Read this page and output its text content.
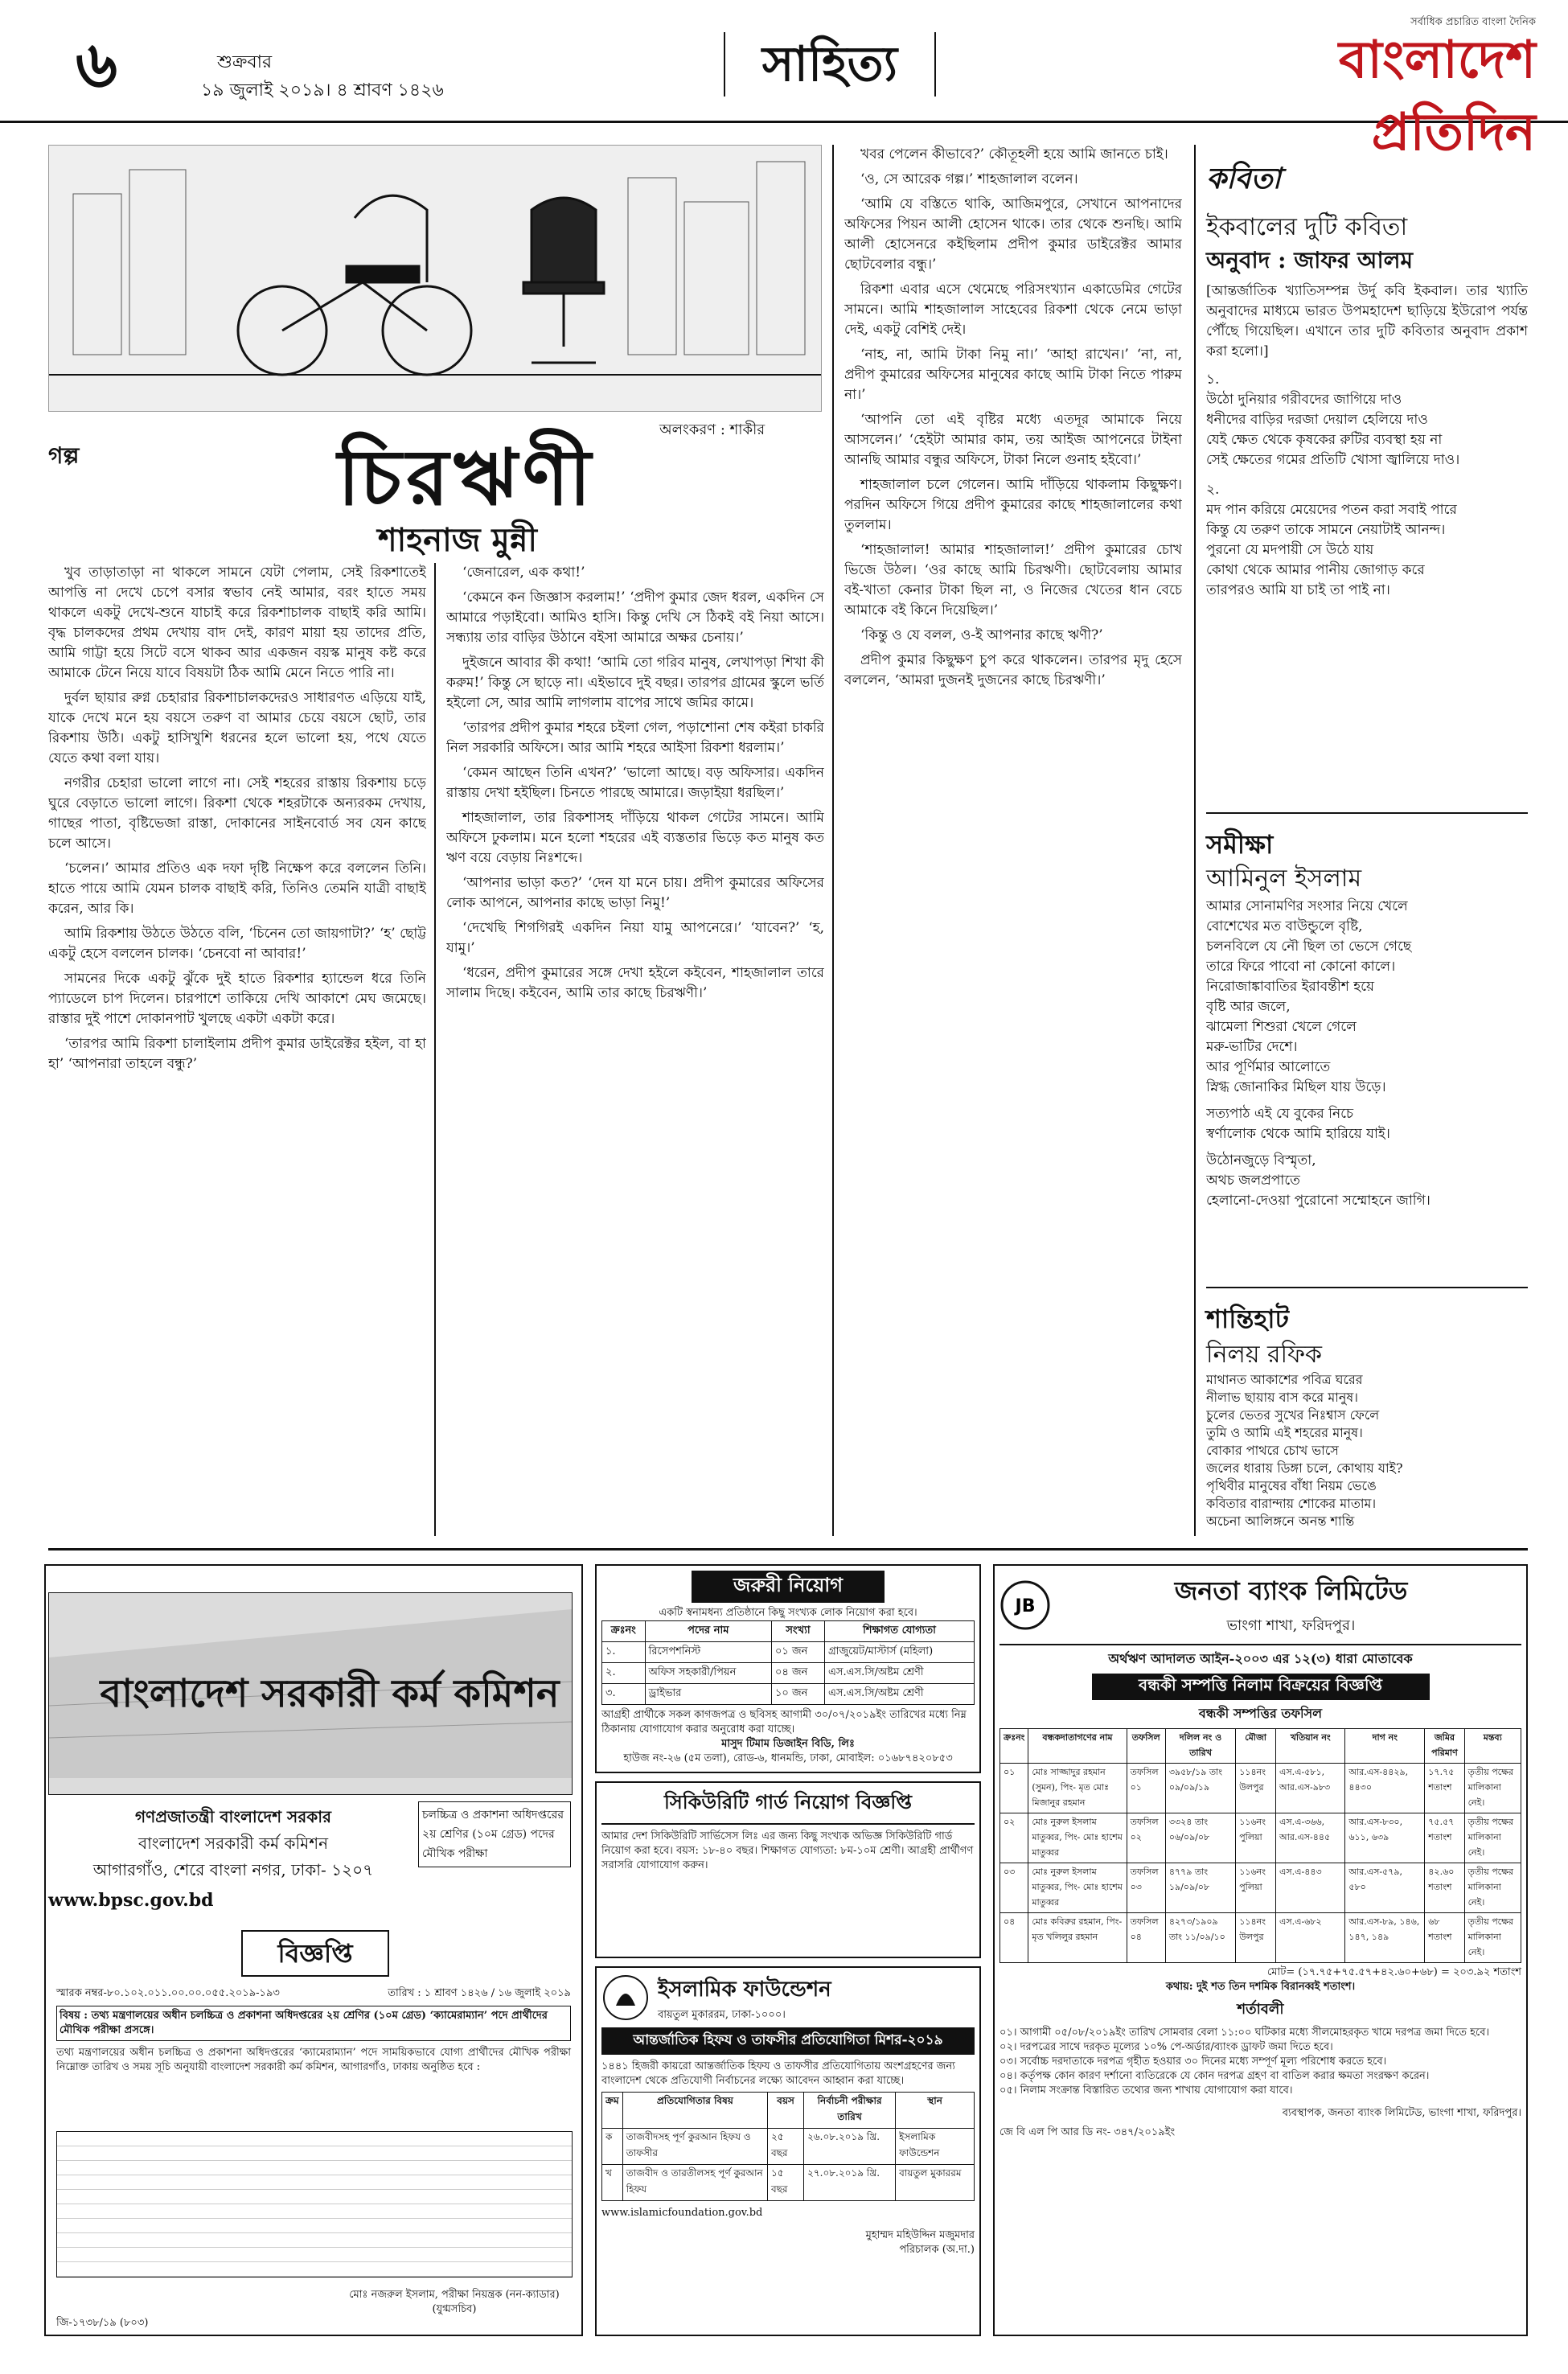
৬	শুক্রবার
১৯ জুলাই ২০১৯। ৪ শ্রাবণ ১৪২৬	সাহিত্য
সর্বাধিক প্রচারিত বাংলা দৈনিক
বাংলাদেশ প্রতিদিন
অলংকরণ : শাকীর
গল্প	চিরঋণী
শাহনাজ মুন্নী

খুব তাড়াতাড়া না থাকলে সামনে যেটা পেলাম, সেই রিকশাতেই আপত্তি না দেখে চেপে বসার স্বভাব নেই আমার, বরং হাতে সময় থাকলে একটু দেখে-শুনে যাচাই করে রিকশাচালক বাছাই করি আমি। বৃদ্ধ চালকদের প্রথম দেখায় বাদ দেই, কারণ মায়া হয় তাদের প্রতি, আমি গাট্টা হয়ে সিটে বসে থাকব আর একজন বয়স্ক মানুষ কষ্ট করে আমাকে টেনে নিয়ে যাবে বিষয়টা ঠিক আমি মেনে নিতে পারি না।

দুর্বল ছায়ার রুগ্ন চেহারার রিকশাচালকদেরও সাধারণত এড়িয়ে যাই, যাকে দেখে মনে হয় বয়সে তরুণ বা আমার চেয়ে বয়সে ছোট, তার রিকশায় উঠি। একটু হাসিখুশি ধরনের হলে ভালো হয়, পথে যেতে যেতে কথা বলা যায়।

নগরীর চেহারা ভালো লাগে না। সেই শহরের রাস্তায় রিকশায় চড়ে ঘুরে বেড়াতে ভালো লাগে। রিকশা থেকে শহরটাকে অন্যরকম দেখায়, গাছের পাতা, বৃষ্টিভেজা রাস্তা, দোকানের সাইনবোর্ড সব যেন কাছে চলে আসে।

‘চলেন।’ আমার প্রতিও এক দফা দৃষ্টি নিক্ষেপ করে বললেন তিনি। হাতে পায়ে আমি যেমন চালক বাছাই করি, তিনিও তেমনি যাত্রী বাছাই করেন, আর কি।

আমি রিকশায় উঠতে উঠতে বলি, ‘চিনেন তো জায়গাটা?’ ‘হ’ ছোট্ট একটু হেসে বললেন চালক। ‘চেনবো না আবার!’

সামনের দিকে একটু ঝুঁকে দুই হাতে রিকশার হ্যান্ডেল ধরে তিনি প্যাডেলে চাপ দিলেন। চারপাশে তাকিয়ে দেখি আকাশে মেঘ জমেছে। রাস্তার দুই পাশে দোকানপাট খুলছে একটা একটা করে।

‘তারপর আমি রিকশা চালাইলাম প্রদীপ কুমার ডাইরেক্টর হইল, বা হা হা’ ‘আপনারা তাহলে বন্ধু?’

‘জেনারেল, এক কথা!’

‘কেমনে কন জিজ্ঞাস করলাম!’ ‘প্রদীপ কুমার জেদ ধরল, একদিন সে আমারে পড়াইবো। আমিও হাসি। কিন্তু দেখি সে ঠিকই বই নিয়া আসে। সন্ধ্যায় তার বাড়ির উঠানে বইসা আমারে অক্ষর চেনায়।’

দুইজনে আবার কী কথা! ‘আমি তো গরিব মানুষ, লেখাপড়া শিখা কী করুম!’ কিন্তু সে ছাড়ে না। এইভাবে দুই বছর। তারপর গ্রামের স্কুলে ভর্তি হইলো সে, আর আমি লাগলাম বাপের সাথে জমির কামে।

‘তারপর প্রদীপ কুমার শহরে চইলা গেল, পড়াশোনা শেষ কইরা চাকরি নিল সরকারি অফিসে। আর আমি শহরে আইসা রিকশা ধরলাম।’

‘কেমন আছেন তিনি এখন?’ ‘ভালো আছে। বড় অফিসার। একদিন রাস্তায় দেখা হইছিল। চিনতে পারছে আমারে। জড়াইয়া ধরছিল।’

শাহজালাল, তার রিকশাসহ দাঁড়িয়ে থাকল গেটের সামনে। আমি অফিসে ঢুকলাম। মনে হলো শহরের এই ব্যস্ততার ভিড়ে কত মানুষ কত ঋণ বয়ে বেড়ায় নিঃশব্দে।

‘আপনার ভাড়া কত?’ ‘দেন যা মনে চায়। প্রদীপ কুমারের অফিসের লোক আপনে, আপনার কাছে ভাড়া নিমু!’

‘দেখেছি শিগগিরই একদিন নিয়া যামু আপনেরে।’ ‘যাবেন?’ ‘হ, যামু।’

‘ধরেন, প্রদীপ কুমারের সঙ্গে দেখা হইলে কইবেন, শাহজালাল তারে সালাম দিছে। কইবেন, আমি তার কাছে চিরঋণী।’

খবর পেলেন কীভাবে?’ কৌতূহলী হয়ে আমি জানতে চাই।

‘ও, সে আরেক গল্প।’ শাহজালাল বলেন।

‘আমি যে বস্তিতে থাকি, আজিমপুরে, সেখানে আপনাদের অফিসের পিয়ন আলী হোসেন থাকে। তার থেকে শুনছি। আমি আলী হোসেনরে কইছিলাম প্রদীপ কুমার ডাইরেক্টর আমার ছোটবেলার বন্ধু।’

রিকশা এবার এসে থেমেছে পরিসংখ্যান একাডেমির গেটের সামনে। আমি শাহজালাল সাহেবের রিকশা থেকে নেমে ভাড়া দেই, একটু বেশিই দেই।

‘নাহ, না, আমি টাকা নিমু না।’ ‘আহা রাখেন।’ ‘না, না, প্রদীপ কুমারের অফিসের মানুষের কাছে আমি টাকা নিতে পারুম না।’

‘আপনি তো এই বৃষ্টির মধ্যে এতদূর আমাকে নিয়ে আসলেন।’ ‘হেইটা আমার কাম, তয় আইজ আপনেরে টাইনা আনছি আমার বন্ধুর অফিসে, টাকা নিলে গুনাহ হইবো।’

শাহজালাল চলে গেলেন। আমি দাঁড়িয়ে থাকলাম কিছুক্ষণ। পরদিন অফিসে গিয়ে প্রদীপ কুমারের কাছে শাহজালালের কথা তুললাম।

‘শাহজালাল! আমার শাহজালাল!’ প্রদীপ কুমারের চোখ ভিজে উঠল। ‘ওর কাছে আমি চিরঋণী। ছোটবেলায় আমার বই-খাতা কেনার টাকা ছিল না, ও নিজের খেতের ধান বেচে আমাকে বই কিনে দিয়েছিল।’

‘কিন্তু ও যে বলল, ও-ই আপনার কাছে ঋণী?’

প্রদীপ কুমার কিছুক্ষণ চুপ করে থাকলেন। তারপর মৃদু হেসে বললেন, ‘আমরা দুজনই দুজনের কাছে চিরঋণী।’

কবিতা
ইকবালের দুটি কবিতা
অনুবাদ : জাফর আলম
[আন্তর্জাতিক খ্যাতিসম্পন্ন উর্দু কবি ইকবাল। তার খ্যাতি অনুবাদের মাধ্যমে ভারত উপমহাদেশ ছাড়িয়ে ইউরোপ পর্যন্ত পৌঁছে গিয়েছিল। এখানে তার দুটি কবিতার অনুবাদ প্রকাশ করা হলো।]
১.
উঠো দুনিয়ার গরীবদের জাগিয়ে দাও
ধনীদের বাড়ির দরজা দেয়াল হেলিয়ে দাও
যেই ক্ষেত থেকে কৃষকের রুটির ব্যবস্থা হয় না
সেই ক্ষেতের গমের প্রতিটি খোসা জ্বালিয়ে দাও।
২.
মদ পান করিয়ে মেয়েদের পতন করা সবাই পারে
কিন্তু যে তরুণ তাকে সামনে নেয়াটাই আনন্দ।
পুরনো যে মদপায়ী সে উঠে যায়
কোথা থেকে আমার পানীয় জোগাড় করে
তারপরও আমি যা চাই তা পাই না।
সমীক্ষা
আমিনুল ইসলাম
আমার সোনামণির সংসার নিয়ে খেলে
বোশেখের মত বাউন্ডুলে বৃষ্টি,
চলনবিলে যে নৌ ছিল তা ভেসে গেছে
তারে ফিরে পাবো না কোনো কালে।
নিরোজাঙ্কাবাতির ইরাবন্তীশ হয়ে
বৃষ্টি আর জলে,
ঝামেলা শিশুরা খেলে গেলে
মরু-ভাটির দেশে।
আর পূর্ণিমার আলোতে
স্নিগ্ধ জোনাকির মিছিল যায় উড়ে।
সত্যপাঠ এই যে বুকের নিচে
স্বর্ণালোক থেকে আমি হারিয়ে যাই।
উঠোনজুড়ে বিস্মৃতা,
অথচ জলপ্রপাতে
হেলানো-দেওয়া পুরোনো সম্মোহনে জাগি।
শান্তিহাট
নিলয় রফিক
মাথানত আকাশের পবিত্র ঘরের
নীলাভ ছায়ায় বাস করে মানুষ।
চুলের ভেতর সুখের নিঃশ্বাস ফেলে
তুমি ও আমি এই শহরের মানুষ।
বোকার পাথরে চোখ ভাসে
জলের ধারায় ডিঙ্গা চলে, কোথায় যাই?
পৃথিবীর মানুষের বাঁধা নিয়ম ভেঙে
কবিতার বারান্দায় শোকের মাতাম।
অচেনা আলিঙ্গনে অনন্ত শান্তি
বাংলাদেশ সরকারী কর্ম কমিশন
গণপ্রজাতন্ত্রী বাংলাদেশ সরকার
বাংলাদেশ সরকারী কর্ম কমিশন
আগারগাঁও, শেরে বাংলা নগর, ঢাকা- ১২০৭
চলচ্চিত্র ও প্রকাশনা অধিদপ্তরের ২য় শ্রেণির (১০ম গ্রেড) পদের মৌখিক পরীক্ষা
www.bpsc.gov.bd
বিজ্ঞপ্তি
স্মারক নম্বর-৮০.১০২.০১১.০০.০০.০৫৫.২০১৯-১৯৩	তারিখ : ১ শ্রাবণ ১৪২৬ / ১৬ জুলাই ২০১৯
বিষয় : তথ্য মন্ত্রণালয়ের অধীন চলচ্চিত্র ও প্রকাশনা অধিদপ্তরের ২য় শ্রেণির (১০ম গ্রেড) ‘ক্যামেরাম্যান’ পদে প্রার্থীদের মৌখিক পরীক্ষা প্রসঙ্গে।
তথ্য মন্ত্রণালয়ের অধীন চলচ্চিত্র ও প্রকাশনা অধিদপ্তরের ‘ক্যামেরাম্যান’ পদে সাময়িকভাবে যোগ্য প্রার্থীদের মৌখিক পরীক্ষা নিম্নোক্ত তারিখ ও সময় সূচি অনুযায়ী বাংলাদেশ সরকারী কর্ম কমিশন, আগারগাঁও, ঢাকায় অনুষ্ঠিত হবে :
মোঃ নজরুল ইসলাম, পরীক্ষা নিয়ন্ত্রক (নন-ক্যাডার) (যুগ্মসচিব)
জি-১৭৩৮/১৯ (৮০৩)
জরুরী নিয়োগ
একটি স্বনামধন্য প্রতিষ্ঠানে কিছু সংখ্যক লোক নিয়োগ করা হবে।
ক্রঃনং	পদের নাম	সংখ্যা	শিক্ষাগত যোগ্যতা
১.	রিসেপশনিস্ট	০১ জন	গ্রাজুয়েট/মাস্টার্স (মহিলা)
২.	অফিস সহকারী/পিয়ন	০৪ জন	এস.এস.সি/অষ্টম শ্রেণী
৩.	ড্রাইভার	১০ জন	এস.এস.সি/অষ্টম শ্রেণী
আগ্রহী প্রার্থীকে সকল কাগজপত্র ও ছবিসহ আগামী ৩০/০৭/২০১৯ইং তারিখের মধ্যে নিম্ন ঠিকানায় যোগাযোগ করার অনুরোধ করা যাচ্ছে।
মাসুদ টিমাম ডিজাইন বিডি, লিঃ
হাউজ নং-২৬ (৫ম তলা), রোড-৬, ধানমন্ডি, ঢাকা, মোবাইল: ০১৬৮৭৪২০৮৫৩
সিকিউরিটি গার্ড নিয়োগ বিজ্ঞপ্তি
আমার দেশ সিকিউরিটি সার্ভিসেস লিঃ এর জন্য কিছু সংখ্যক অভিজ্ঞ সিকিউরিটি গার্ড নিয়োগ করা হবে। বয়স: ১৮-৪০ বছর। শিক্ষাগত যোগ্যতা: ৮ম-১০ম শ্রেণী। আগ্রহী প্রার্থীগণ সরাসরি যোগাযোগ করুন।
ইসলামিক ফাউন্ডেশন
বায়তুল মুকাররম, ঢাকা-১০০০।
আন্তর্জাতিক হিফয ও তাফসীর প্রতিযোগিতা মিশর-২০১৯
১৪৪১ হিজরী কায়রো আন্তর্জাতিক হিফয ও তাফসীর প্রতিযোগিতায় অংশগ্রহণের জন্য বাংলাদেশ থেকে প্রতিযোগী নির্বাচনের লক্ষ্যে আবেদন আহ্বান করা যাচ্ছে।
ক্রম	প্রতিযোগিতার বিষয়	বয়স	নির্বাচনী পরীক্ষার তারিখ	স্থান
ক	তাজবীদসহ পূর্ণ কুরআন হিফয ও তাফসীর	২৫ বছর	২৬.০৮.২০১৯ খ্রি.	ইসলামিক ফাউন্ডেশন
খ	তাজবীদ ও তারতীলসহ পূর্ণ কুরআন হিফয	১৫ বছর	২৭.০৮.২০১৯ খ্রি.	বায়তুল মুকাররম
www.islamicfoundation.gov.bd
মুহাম্মদ মহিউদ্দিন মজুমদার
পরিচালক (অ.দা.)
JB	জনতা ব্যাংক লিমিটেড
ভাংগা শাখা, ফরিদপুর।
অর্থঋণ আদালত আইন-২০০৩ এর ১২(৩) ধারা মোতাবেক
বন্ধকী সম্পত্তি নিলাম বিক্রয়ের বিজ্ঞপ্তি
বন্ধকী সম্পত্তির তফসিল
ক্রঃনং	বন্ধকদাতাগণের নাম	তফসিল	দলিল নং ও তারিখ	মৌজা	খতিয়ান নং	দাগ নং	জমির পরিমাণ	মন্তব্য
০১	মোঃ সাজ্জাদুর রহমান (সুমন), পিং- মৃত মোঃ মিজানুর রহমান	তফসিল ০১	৩৯৫৮/১৯ তাং ০৯/০৯/১৯	১১৪নং উলপুর	এস.এ-৫৮১, আর.এস-৯৮৩	আর.এস-৪৪২৯, ৪৪৩০	১৭.৭৫ শতাংশ	তৃতীয় পক্ষের মালিকানা নেই।
০২	মোঃ নুরুল ইসলাম মাতুব্বর, পিং- মোঃ হাশেম মাতুব্বর	তফসিল ০২	৩৩২৪ তাং ০৬/০৯/০৮	১১৬নং পুলিয়া	এস.এ-৩৬৬, আর.এস-৪৪৫	আর.এস-৮৩০, ৬১১, ৬৩৯	৭৫.৫৭ শতাংশ	তৃতীয় পক্ষের মালিকানা নেই।
০৩	মোঃ নুরুল ইসলাম মাতুব্বর, পিং- মোঃ হাশেম মাতুব্বর	তফসিল ০৩	৪৭৭৯ তাং ১৯/০৯/০৮	১১৬নং পুলিয়া	এস.এ-৪৪৩	আর.এস-৫৭৯, ৫৮০	৪২.৬০ শতাংশ	তৃতীয় পক্ষের মালিকানা নেই।
০৪	মোঃ কবিরুর রহমান, পিং- মৃত খলিলুর রহমান	তফসিল ০৪	৪২৭৩/১৯০৯ তাং ১১/০৯/১০	১১৪নং উলপুর	এস.এ-৬৮২	আর.এস-৮৯, ১৪৬, ১৪৭, ১৪৯	৬৮ শতাংশ	তৃতীয় পক্ষের মালিকানা নেই।
মোট= (১৭.৭৫+৭৫.৫৭+৪২.৬০+৬৮) = ২০৩.৯২ শতাংশ
কথায়: দুই শত তিন দশমিক বিরানব্বই শতাংশ।
শর্তাবলী
০১। আগামী ০৫/০৮/২০১৯ইং তারিখ সোমবার বেলা ১১:০০ ঘটিকার মধ্যে সীলমোহরকৃত খামে দরপত্র জমা দিতে হবে।
০২। দরপত্রের সাথে দরকৃত মূল্যের ১০% পে-অর্ডার/ব্যাংক ড্রাফট জমা দিতে হবে।
০৩। সর্বোচ্চ দরদাতাকে দরপত্র গৃহীত হওয়ার ৩০ দিনের মধ্যে সম্পূর্ণ মূল্য পরিশোধ করতে হবে।
০৪। কর্তৃপক্ষ কোন কারণ দর্শানো ব্যতিরেকে যে কোন দরপত্র গ্রহণ বা বাতিল করার ক্ষমতা সংরক্ষণ করেন।
০৫। নিলাম সংক্রান্ত বিস্তারিত তথ্যের জন্য শাখায় যোগাযোগ করা যাবে।
ব্যবস্থাপক, জনতা ব্যাংক লিমিটেড, ভাংগা শাখা, ফরিদপুর।
জে বি এল পি আর ডি নং- ৩৪৭/২০১৯ইং
